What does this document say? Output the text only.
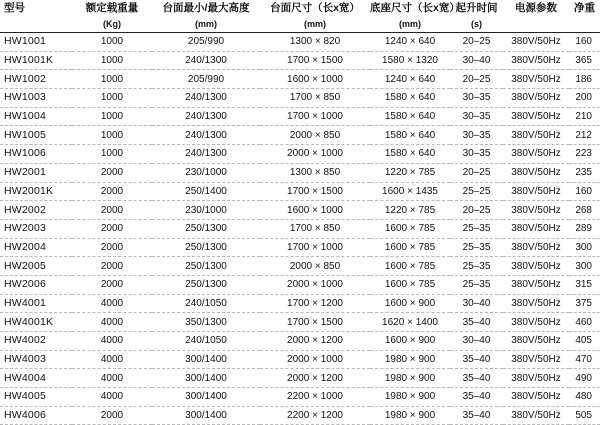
型号	额定载重量	台面最小/最大高度	台面尺寸（长x宽）	底座尺寸（长x宽）	起升时间	电源参数	净重
	(Kg)	(mm)	(mm)	(mm)	(s)		
HW1001	1000	205/990	1300 × 820	1240 × 640	20–25	380V/50Hz	160
HW1001K	1000	240/1300	1700 × 1500	1580 × 1320	30–40	380V/50Hz	365
HW1002	1000	205/990	1600 × 1000	1240 × 640	20–25	380V/50Hz	186
HW1003	1000	240/1300	1700 × 850	1580 × 640	30–35	380V/50Hz	200
HW1004	1000	240/1300	1700 × 1000	1580 × 640	30–35	380V/50Hz	210
HW1005	1000	240/1300	2000 × 850	1580 × 640	30–35	380V/50Hz	212
HW1006	1000	240/1300	2000 × 1000	1580 × 640	30–35	380V/50Hz	223
HW2001	2000	230/1000	1300 × 850	1220 × 785	20–25	380V/50Hz	235
HW2001K	2000	250/1400	1700 × 1500	1600 × 1435	25–25	380V/50Hz	160
HW2002	2000	230/1000	1600 × 1000	1220 × 785	20–25	380V/50Hz	268
HW2003	2000	250/1300	1700 × 850	1600 × 785	25–35	380V/50Hz	289
HW2004	2000	250/1300	1700 × 1000	1600 × 785	25–35	380V/50Hz	300
HW2005	2000	250/1300	2000 × 850	1600 × 785	25–35	380V/50Hz	300
HW2006	2000	250/1300	2000 × 1000	1600 × 785	25–35	380V/50Hz	315
HW4001	4000	240/1050	1700 × 1200	1600 × 900	30–40	380V/50Hz	375
HW4001K	4000	350/1300	1700 × 1500	1620 × 1400	35–40	380V/50Hz	460
HW4002	4000	240/1050	2000 × 1200	1600 × 900	30–40	380V/50Hz	405
HW4003	4000	300/1400	2000 × 1000	1980 × 900	35–40	380V/50Hz	470
HW4004	4000	300/1400	2000 × 1200	1980 × 900	35–40	380V/50Hz	490
HW4005	4000	300/1400	2200 × 1000	1980 × 900	35–40	380V/50Hz	480
HW4006	2000	300/1400	2200 × 1200	1980 × 900	35–40	380V/50Hz	505
